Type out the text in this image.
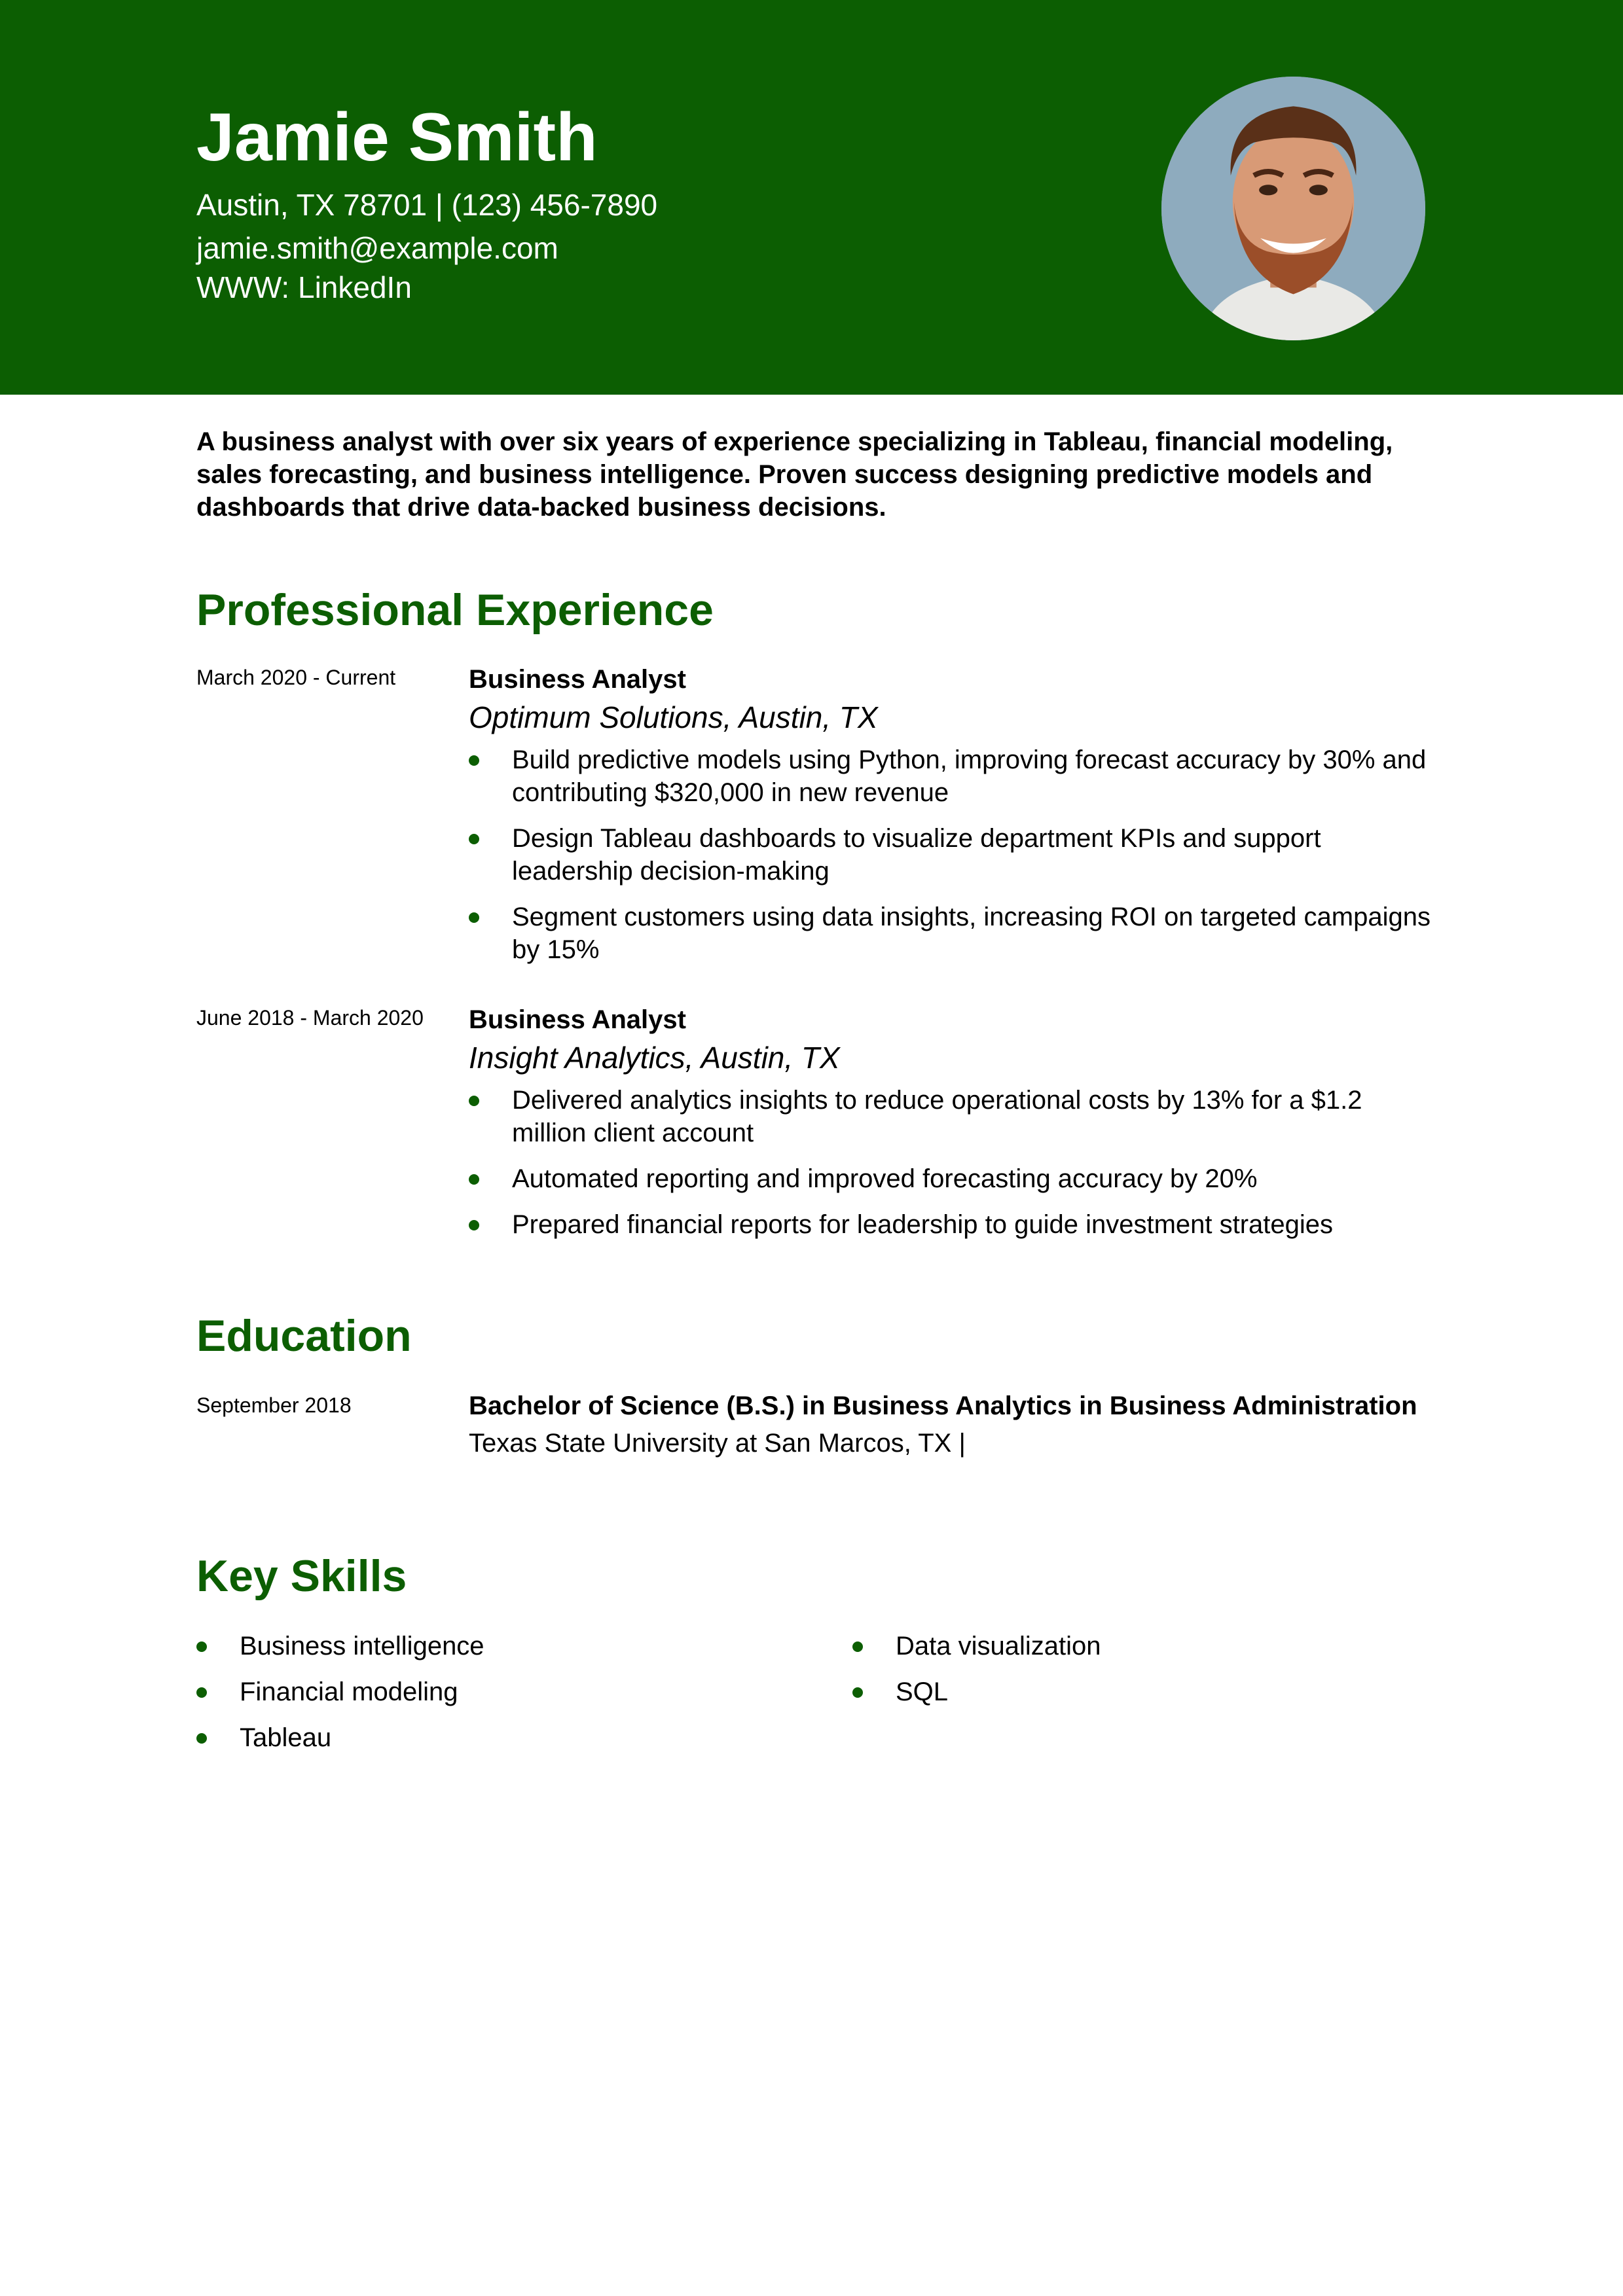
Jamie Smith
Austin, TX 78701 | (123) 456-7890
jamie.smith@example.com
WWW: LinkedIn

A business analyst with over six years of experience specializing in Tableau, financial modeling, sales forecasting, and business intelligence. Proven success designing predictive models and dashboards that drive data-backed business decisions.

Professional Experience
March 2020 - Current	Business Analyst
Optimum Solutions, Austin, TX
Build predictive models using Python, improving forecast accuracy by 30% and contributing $320,000 in new revenue
Design Tableau dashboards to visualize department KPIs and support leadership decision-making
Segment customers using data insights, increasing ROI on targeted campaigns by 15%
June 2018 - March 2020	Business Analyst
Insight Analytics, Austin, TX
Delivered analytics insights to reduce operational costs by 13% for a $1.2 million client account
Automated reporting and improved forecasting accuracy by 20%
Prepared financial reports for leadership to guide investment strategies
Education
September 2018	Bachelor of Science (B.S.) in Business Analytics in Business Administration
Texas State University at San Marcos, TX |
Key Skills
Business intelligence
Financial modeling
Tableau
Data visualization
SQL
